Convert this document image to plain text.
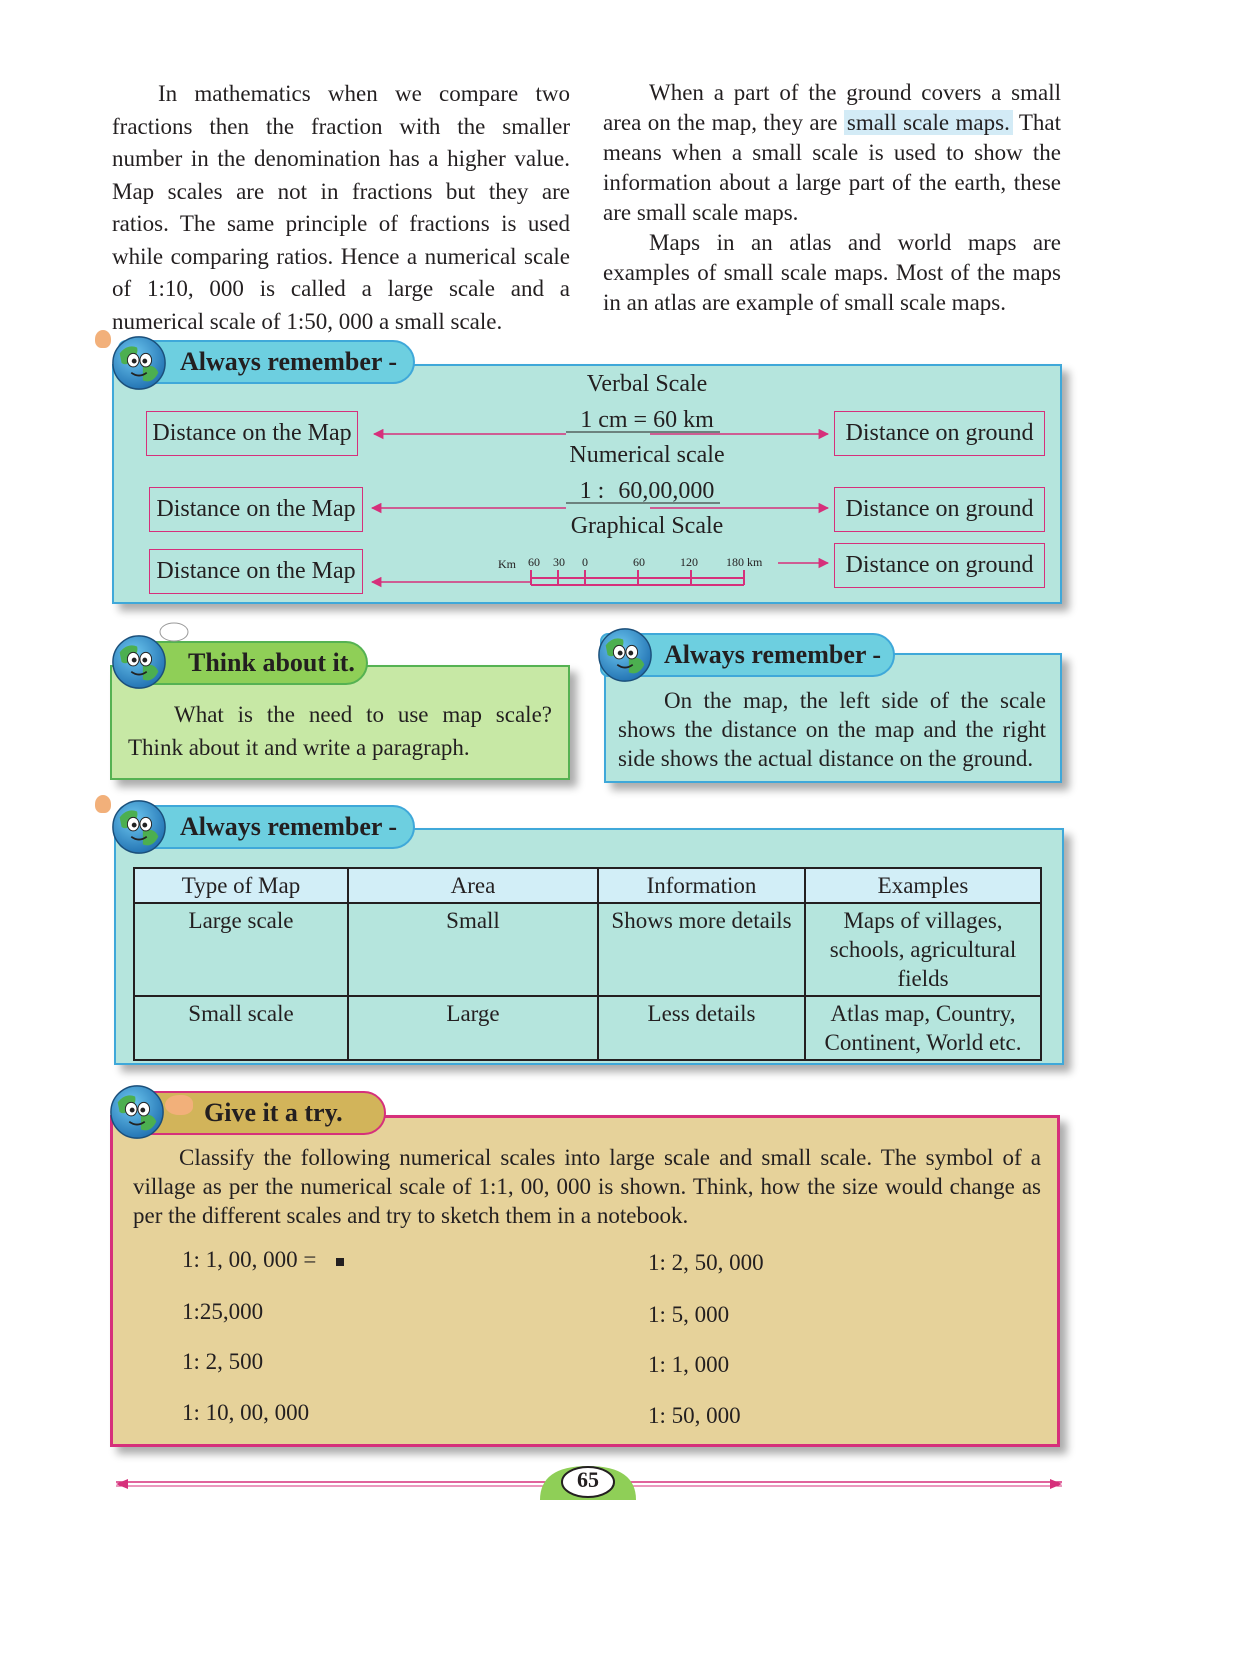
In mathematics when we compare two fractions then the fraction with the smaller number in the denomination has a higher value. Map scales are not in fractions but they are ratios. The same principle of fractions is used while comparing ratios. Hence a numerical scale of 1:10, 000 is called a large scale and a numerical scale of 1:50, 000 a small scale.

When a part of the ground covers a small area on the map, they are small scale maps. That means when a small scale is used to show the information about a large part of the earth, these are small scale maps.

Maps in an atlas and world maps are examples of small scale maps. Most of the maps in an atlas are example of small scale maps.

Always remember -
Verbal Scale
1 cm = 60 km
Numerical scale
1 : 60,00,000
Graphical Scale
Distance on the Map
Distance on the Map
Distance on the Map
Distance on ground
Distance on ground
Distance on ground
Km 60 30 0	60	120 180 km
Think about it.

What is the need to use map scale? Think about it and write a paragraph.

Always remember -

On the map, the left side of the scale shows the distance on the map and the right side shows the actual distance on the ground.

Always remember -
Type of Map	Area	Information	Examples
Large scale	Small	Shows more details	Maps of villages, schools, agricultural fields
Small scale	Large	Less details	Atlas map, Country, Continent, World etc.
Give it a try.

Classify the following numerical scales into large scale and small scale. The symbol of a village as per the numerical scale of 1:1, 00, 000 is shown. Think, how the size would change as per the different scales and try to sketch them in a notebook.

1: 1, 00, 000 =
1:25,000
1: 2, 500
1: 10, 00, 000
1: 2, 50, 000
1: 5, 000
1: 1, 000
1: 50, 000
65
